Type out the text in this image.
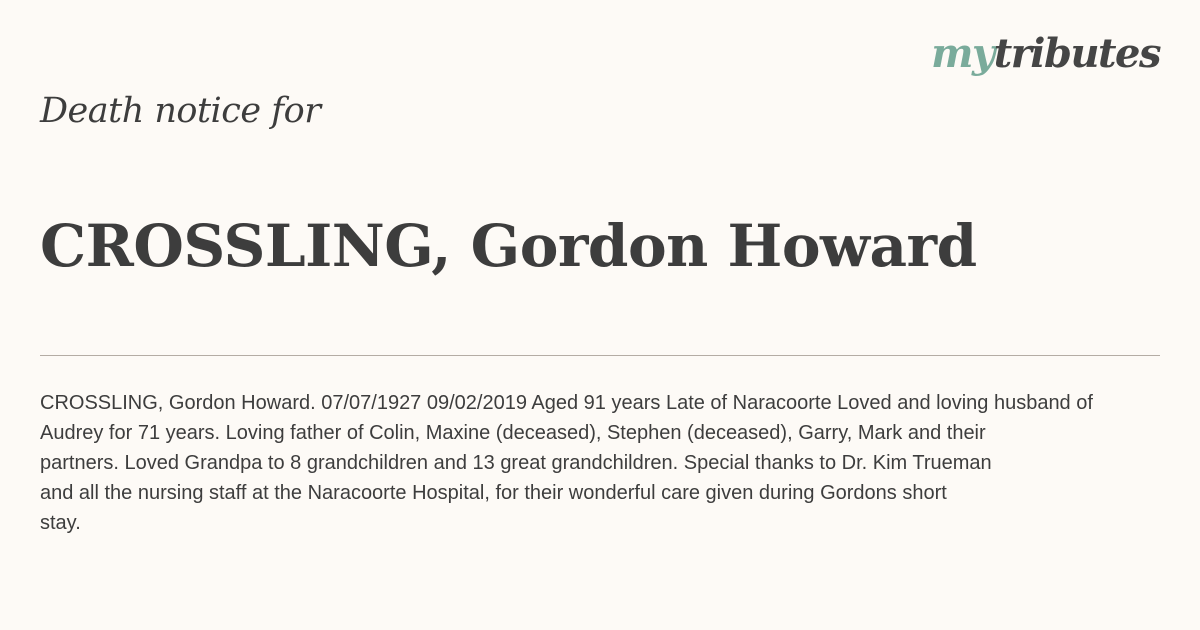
mytributes
Death notice for
CROSSLING, Gordon Howard
CROSSLING, Gordon Howard. 07/07/1927 09/02/2019 Aged 91 years Late of Naracoorte Loved and loving husband of
Audrey for 71 years. Loving father of Colin, Maxine (deceased), Stephen (deceased), Garry, Mark and their
partners. Loved Grandpa to 8 grandchildren and 13 great grandchildren. Special thanks to Dr. Kim Trueman
and all the nursing staff at the Naracoorte Hospital, for their wonderful care given during Gordons short
stay.
